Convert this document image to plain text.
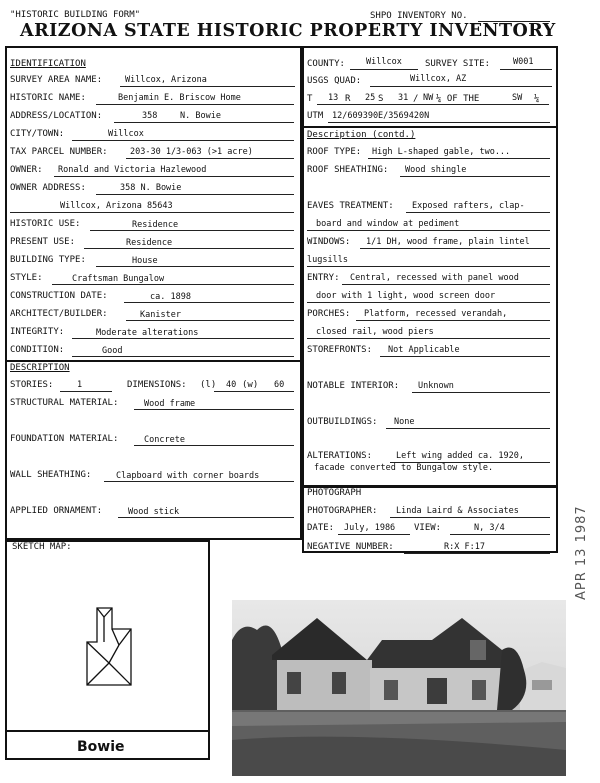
"HISTORIC BUILDING FORM"	SHPO INVENTORY NO.
ARIZONA STATE HISTORIC PROPERTY INVENTORY
IDENTIFICATION
SURVEY AREA NAME:	Willcox, Arizona
HISTORIC NAME:	Benjamin E. Briscow Home
ADDRESS/LOCATION:	358	N. Bowie
CITY/TOWN:	Willcox
TAX PARCEL NUMBER:	203-30 1/3-063 (>1 acre)
OWNER: Ronald and Victoria Hazlewood
OWNER ADDRESS:	358 N. Bowie
Willcox, Arizona 85643
HISTORIC USE:	Residence
PRESENT USE:	Residence
BUILDING TYPE:	House
STYLE:	Craftsman Bungalow
CONSTRUCTION DATE:	ca. 1898
ARCHITECT/BUILDER:	Kanister
INTEGRITY:	Moderate alterations
CONDITION:	Good
COUNTY: Willcox	SURVEY SITE:	W001
USGS QUAD:	Willcox, AZ
T 13 R 25 S 31 / NW ¼ OF THE	SW ¼
UTM 12/609390E/3569420N
Description (contd.)
ROOF TYPE: High L-shaped gable, two...
ROOF SHEATHING: Wood shingle
EAVES TREATMENT: Exposed rafters, clap-
board and window at pediment
WINDOWS: 1/1 DH, wood frame, plain lintel
lugsills
ENTRY: Central, recessed with panel wood
door with 1 light, wood screen door
PORCHES: Platform, recessed verandah,
closed rail, wood piers
STOREFRONTS: Not Applicable
NOTABLE INTERIOR: Unknown
OUTBUILDINGS: None
ALTERATIONS:	Left wing added ca. 1920,
facade converted to Bungalow style.
DESCRIPTION
STORIES:	1	DIMENSIONS: (l) 40 (w) 60
STRUCTURAL MATERIAL:	Wood frame
FOUNDATION MATERIAL:	Concrete
WALL SHEATHING:	Clapboard with corner boards
APPLIED ORNAMENT:	Wood stick
PHOTOGRAPH
PHOTOGRAPHER: Linda Laird & Associates
DATE: July, 1986 VIEW:	N, 3/4
NEGATIVE NUMBER:	R:X F:17
SKETCH MAP:
Bowie
APR 13 1987
